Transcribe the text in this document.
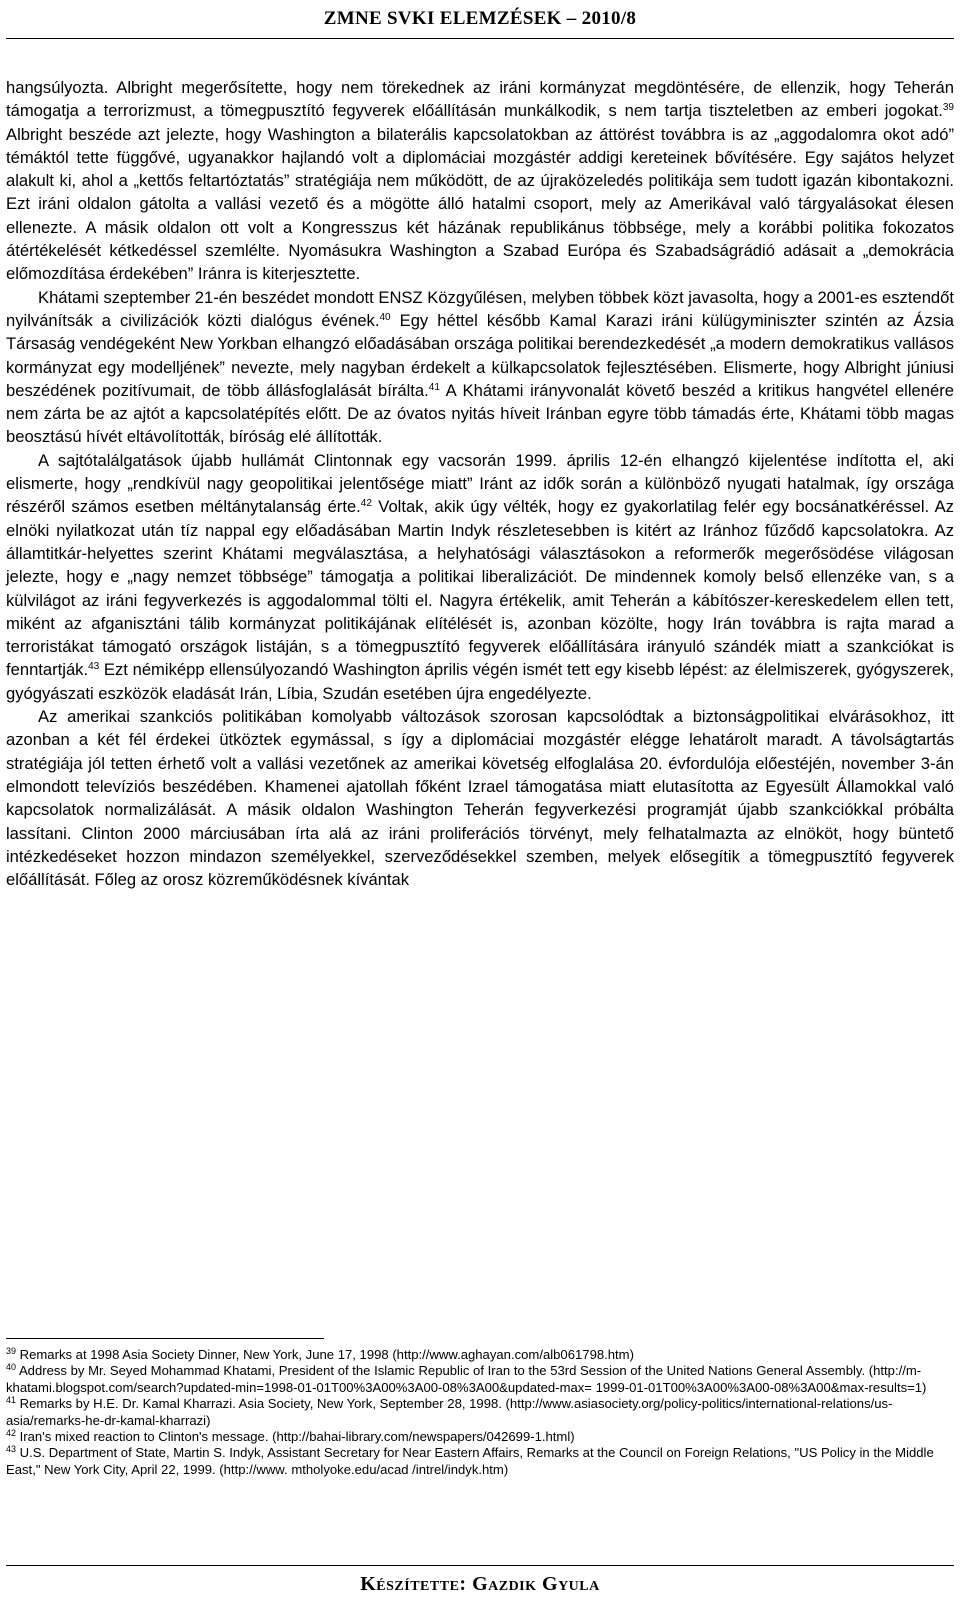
ZMNE SVKI ELEMZÉSEK – 2010/8

hangsúlyozta. Albright megerősítette, hogy nem törekednek az iráni kormányzat megdöntésére, de ellenzik, hogy Teherán támogatja a terrorizmust, a tömegpusztító fegyverek előállításán munkálkodik, s nem tartja tiszteletben az emberi jogokat.$^{39}$ Albright beszéde azt jelezte, hogy Washington a bilaterális kapcsolatokban az áttörést továbbra is az „aggodalomra okot adó” témáktól tette függővé, ugyanakkor hajlandó volt a diplomáciai mozgástér addigi kereteinek bővítésére. Egy sajátos helyzet alakult ki, ahol a „kettős feltartóztatás” stratégiája nem működött, de az újraközeledés politikája sem tudott igazán kibontakozni. Ezt iráni oldalon gátolta a vallási vezető és a mögötte álló hatalmi csoport, mely az Amerikával való tárgyalásokat élesen ellenezte. A másik oldalon ott volt a Kongresszus két házának republikánus többsége, mely a korábbi politika fokozatos átértékelését kétkedéssel szemlélte. Nyomásukra Washington a Szabad Európa és Szabadságrádió adásait a „demokrácia előmozdítása érdekében” Iránra is kiterjesztette.

Khátami szeptember 21-én beszédet mondott ENSZ Közgyűlésen, melyben többek közt javasolta, hogy a 2001-es esztendőt nyilvánítsák a civilizációk közti dialógus évének.$^{40}$ Egy héttel később Kamal Karazi iráni külügyminiszter szintén az Ázsia Társaság vendégeként New Yorkban elhangzó előadásában országa politikai berendezkedését „a modern demokratikus vallásos kormányzat egy modelljének” nevezte, mely nagyban érdekelt a külkapcsolatok fejlesztésében. Elismerte, hogy Albright júniusi beszédének pozitívumait, de több állásfoglalását bírálta.$^{41}$ A Khátami irányvonalát követő beszéd a kritikus hangvétel ellenére nem zárta be az ajtót a kapcsolatépítés előtt. De az óvatos nyitás híveit Iránban egyre több támadás érte, Khátami több magas beosztású hívét eltávolították, bíróság elé állították.

A sajtótalálgatások újabb hullámát Clintonnak egy vacsorán 1999. április 12-én elhangzó kijelentése indította el, aki elismerte, hogy „rendkívül nagy geopolitikai jelentősége miatt” Iránt az idők során a különböző nyugati hatalmak, így országa részéről számos esetben méltánytalanság érte.$^{42}$ Voltak, akik úgy vélték, hogy ez gyakorlatilag felér egy bocsánatkéréssel. Az elnöki nyilatkozat után tíz nappal egy előadásában Martin Indyk részletesebben is kitért az Iránhoz fűződő kapcsolatokra. Az államtitkár-helyettes szerint Khátami megválasztása, a helyhatósági választásokon a reformerők megerősödése világosan jelezte, hogy e „nagy nemzet többsége” támogatja a politikai liberalizációt. De mindennek komoly belső ellenzéke van, s a külvilágot az iráni fegyverkezés is aggodalommal tölti el. Nagyra értékelik, amit Teherán a kábítószer-kereskedelem ellen tett, miként az afganisztáni tálib kormányzat politikájának elítélését is, azonban közölte, hogy Irán továbbra is rajta marad a terroristákat támogató országok listáján, s a tömegpusztító fegyverek előállítására irányuló szándék miatt a szankciókat is fenntartják.$^{43}$ Ezt némiképp ellensúlyozandó Washington április végén ismét tett egy kisebb lépést: az élelmiszerek, gyógyszerek, gyógyászati eszközök eladását Irán, Líbia, Szudán esetében újra engedélyezte.

Az amerikai szankciós politikában komolyabb változások szorosan kapcsolódtak a biztonságpolitikai elvárásokhoz, itt azonban a két fél érdekei ütköztek egymással, s így a diplomáciai mozgástér elégge lehatárolt maradt. A távolságtartás stratégiája jól tetten érhető volt a vallási vezetőnek az amerikai követség elfoglalása 20. évfordulója előestéjén, november 3-án elmondott televíziós beszédében. Khamenei ajatollah főként Izrael támogatása miatt elutasította az Egyesült Államokkal való kapcsolatok normalizálását. A másik oldalon Washington Teherán fegyverkezési programját újabb szankciókkal próbálta lassítani. Clinton 2000 márciusában írta alá az iráni proliferációs törvényt, mely felhatalmazta az elnököt, hogy büntető intézkedéseket hozzon mindazon személyekkel, szerveződésekkel szemben, melyek elősegítik a tömegpusztító fegyverek előállítását. Főleg az orosz közreműködésnek kívántak

$^{39}$ Remarks at 1998 Asia Society Dinner, New York, June 17, 1998 (http://www.aghayan.com/alb061798.htm)

$^{40}$ Address by Mr. Seyed Mohammad Khatami, President of the Islamic Republic of Iran to the 53rd Session of the United Nations General Assembly. (http://m-khatami.blogspot.com/search?updated-min=1998-01-01T00%3A00%3A00-08%3A00&updated-max= 1999-01-01T00%3A00%3A00-08%3A00&max-results=1)

$^{41}$ Remarks by H.E. Dr. Kamal Kharrazi. Asia Society, New York, September 28, 1998. (http://www.asiasociety.org/policy-politics/international-relations/us-asia/remarks-he-dr-kamal-kharrazi)

$^{42}$ Iran's mixed reaction to Clinton's message. (http://bahai-library.com/newspapers/042699-1.html)

$^{43}$ U.S. Department of State, Martin S. Indyk, Assistant Secretary for Near Eastern Affairs, Remarks at the Council on Foreign Relations, "US Policy in the Middle East," New York City, April 22, 1999. (http://www. mtholyoke.edu/acad /intrel/indyk.htm)

Készítette: Gazdik Gyula
